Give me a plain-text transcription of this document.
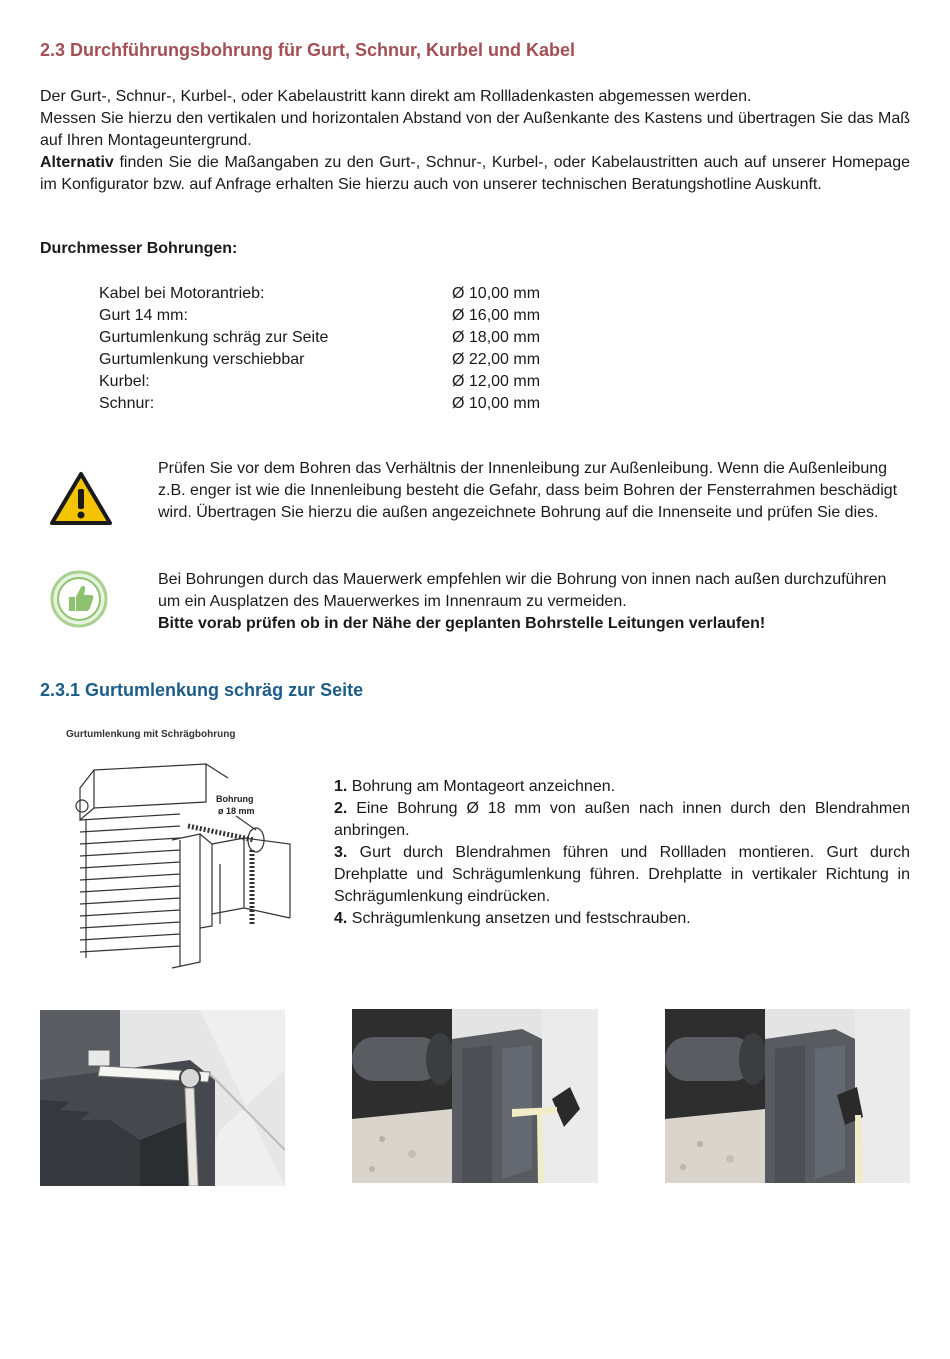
2.3 Durchführungsbohrung für Gurt, Schnur, Kurbel und Kabel

Der Gurt-, Schnur-, Kurbel-, oder Kabelaustritt kann direkt am Rollladenkasten abgemessen werden.

Messen Sie hierzu den vertikalen und horizontalen Abstand von der Außenkante des Kastens und übertragen Sie das Maß auf Ihren Montageuntergrund.

Alternativ finden Sie die Maßangaben zu den Gurt-, Schnur-, Kurbel-, oder Kabelaustritten auch auf unserer Homepage im Konfigurator bzw. auf Anfrage erhalten Sie hierzu auch von unserer technischen Beratungshotline Auskunft.

Durchmesser Bohrungen:
Kabel bei Motorantrieb:	Ø 10,00 mm
Gurt 14 mm:	Ø 16,00 mm
Gurtumlenkung schräg zur Seite	Ø 18,00 mm
Gurtumlenkung verschiebbar	Ø 22,00 mm
Kurbel:	Ø 12,00 mm
Schnur:	Ø 10,00 mm

Prüfen Sie vor dem Bohren das Verhältnis der Innenleibung zur Außenleibung. Wenn die Außenleibung z.B. enger ist wie die Innenleibung besteht die Gefahr, dass beim Bohren der Fensterrahmen beschädigt wird. Übertragen Sie hierzu die außen angezeichnete Bohrung auf die Innenseite und prüfen Sie dies.

Bei Bohrungen durch das Mauerwerk empfehlen wir die Bohrung von innen nach außen durchzuführen um ein Ausplatzen des Mauerwerkes im Innenraum zu vermeiden.

Bitte vorab prüfen ob in der Nähe der geplanten Bohrstelle Leitungen verlaufen!

2.3.1 Gurtumlenkung schräg zur Seite
Gurtumlenkung mit Schrägbohrung
Bohrung
ø 18 mm

1. Bohrung am Montageort anzeichnen.

2. Eine Bohrung Ø 18 mm von außen nach innen durch den Blendrahmen anbringen.

3. Gurt durch Blendrahmen führen und Rollladen montieren. Gurt durch Drehplatte und Schrägumlenkung führen. Drehplatte in vertikaler Richtung in Schrägumlenkung eindrücken.

4. Schrägumlenkung ansetzen und festschrauben.
